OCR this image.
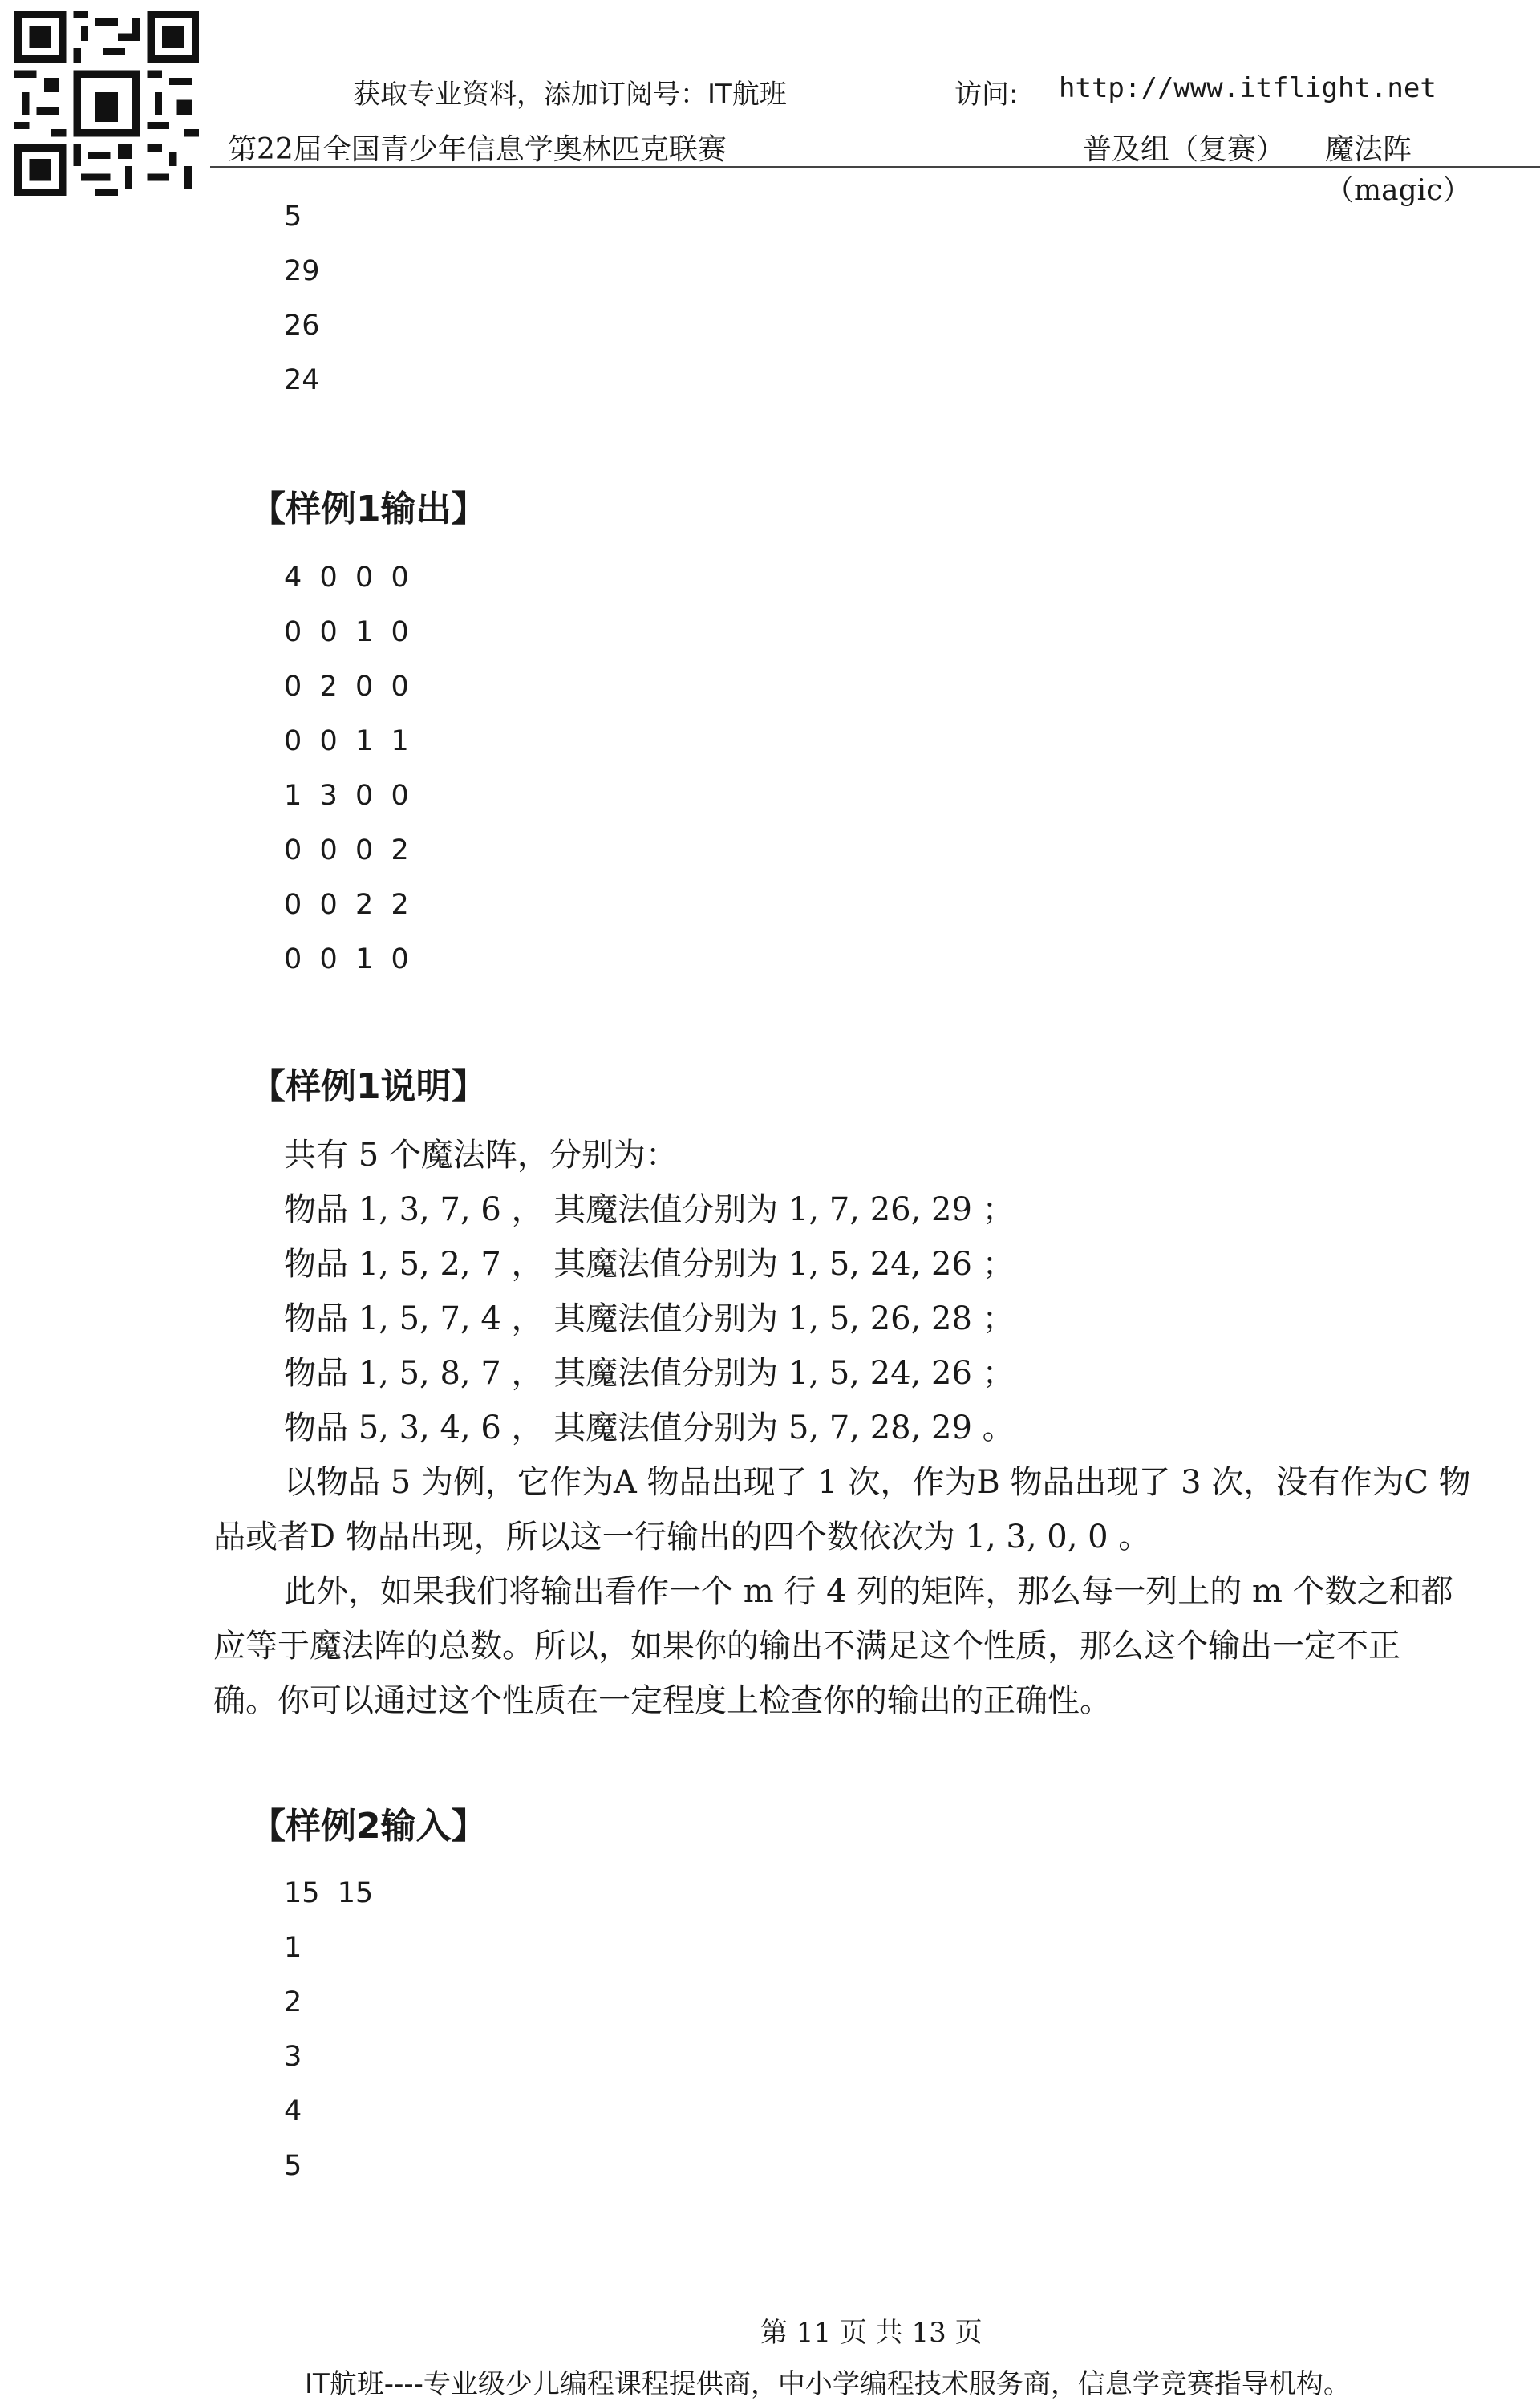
获取专业资料，添加订阅号：IT航班	访问: http://www.itflight.net
第22届全国青少年信息学奥林匹克联赛	普及组（复赛） 魔法阵（magic）
5
29
26
24
【样例1输出】
4  0  0  0
0  0  1  0
0  2  0  0
0  0  1  1
1  3  0  0
0  0  0  2
0  0  2  2
0  0  1  0
【样例1说明】
共有 5 个魔法阵，分别为：
物品 1, 3, 7, 6 ， 其魔法值分别为 1, 7, 26, 29 ；
物品 1, 5, 2, 7 ， 其魔法值分别为 1, 5, 24, 26 ；
物品 1, 5, 7, 4 ， 其魔法值分别为 1, 5, 26, 28 ；
物品 1, 5, 8, 7 ， 其魔法值分别为 1, 5, 24, 26 ；
物品 5, 3, 4, 6 ， 其魔法值分别为 5, 7, 28, 29 。
以物品 5 为例，它作为A 物品出现了 1 次，作为B 物品出现了 3 次，没有作为C 物
品或者D 物品出现，所以这一行输出的四个数依次为 1, 3, 0, 0 。
此外，如果我们将输出看作一个 m 行 4 列的矩阵，那么每一列上的 m 个数之和都
应等于魔法阵的总数。所以，如果你的输出不满足这个性质，那么这个输出一定不正
确。你可以通过这个性质在一定程度上检查你的输出的正确性。
【样例2输入】
15  15
1
2
3
4
5
第 11 页 共 13 页
IT航班----专业级少儿编程课程提供商，中小学编程技术服务商，信息学竞赛指导机构。
